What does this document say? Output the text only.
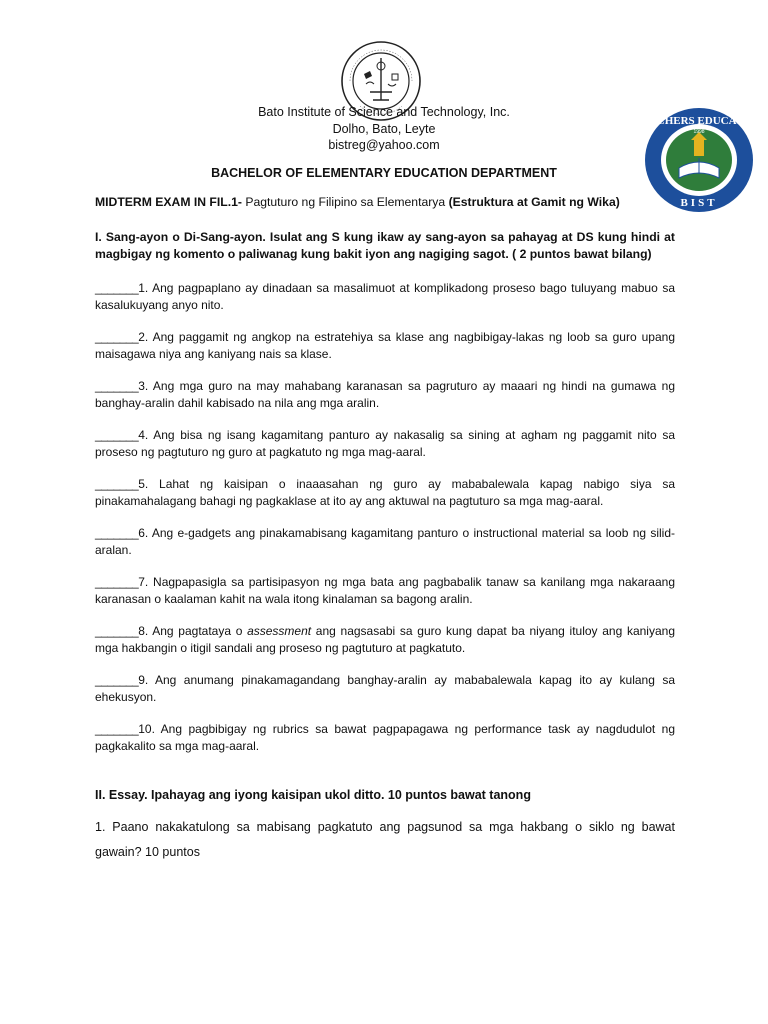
TEACHERS EDUCATION
BIST
1998
Bato Institute of Science and Technology, Inc.
Dolho, Bato, Leyte
bistreg@yahoo.com
BACHELOR OF ELEMENTARY EDUCATION DEPARTMENT
MIDTERM EXAM IN FIL.1- Pagtuturo ng Filipino sa Elementarya (Estruktura at Gamit ng Wika)
I. Sang-ayon o Di-Sang-ayon. Isulat ang S kung ikaw ay sang-ayon sa pahayag at DS kung hindi at magbigay ng komento o paliwanag kung bakit iyon ang nagiging sagot. ( 2 puntos bawat bilang)
_______1. Ang pagpaplano ay dinadaan sa masalimuot at komplikadong proseso bago tuluyang mabuo sa kasalukuyang anyo nito.
_______2. Ang paggamit ng angkop na estratehiya sa klase ang nagbibigay-lakas ng loob sa guro upang maisagawa niya ang kaniyang nais sa klase.
_______3. Ang mga guro na may mahabang karanasan sa pagruturo ay maaari ng hindi na gumawa ng banghay-aralin dahil kabisado na nila ang mga aralin.
_______4. Ang bisa ng isang kagamitang panturo ay nakasalig sa sining at agham ng paggamit nito sa proseso ng pagtuturo ng guro at pagkatuto ng mga mag-aaral.
_______5. Lahat ng kaisipan o inaaasahan ng guro ay mababalewala kapag nabigo siya sa pinakamahalagang bahagi ng pagkaklase at ito ay ang aktuwal na pagtuturo sa mga mag-aaral.
_______6. Ang e-gadgets ang pinakamabisang kagamitang panturo o instructional material sa loob ng silid-aralan.
_______7. Nagpapasigla sa partisipasyon ng mga bata ang pagbabalik tanaw sa kanilang mga nakaraang karanasan o kaalaman kahit na wala itong kinalaman sa bagong aralin.
_______8. Ang pagtataya o assessment ang nagsasabi sa guro kung dapat ba niyang ituloy ang kaniyang mga hakbangin o itigil sandali ang proseso ng pagtuturo at pagkatuto.
_______9. Ang anumang pinakamagandang banghay-aralin ay mababalewala kapag ito ay kulang sa ehekusyon.
_______10. Ang pagbibigay ng rubrics sa bawat pagpapagawa ng performance task ay nagdudulot ng pagkakalito sa mga mag-aaral.
II. Essay. Ipahayag ang iyong kaisipan ukol ditto. 10 puntos bawat tanong
1. Paano nakakatulong sa mabisang pagkatuto ang pagsunod sa mga hakbang o siklo ng bawat gawain? 10 puntos
